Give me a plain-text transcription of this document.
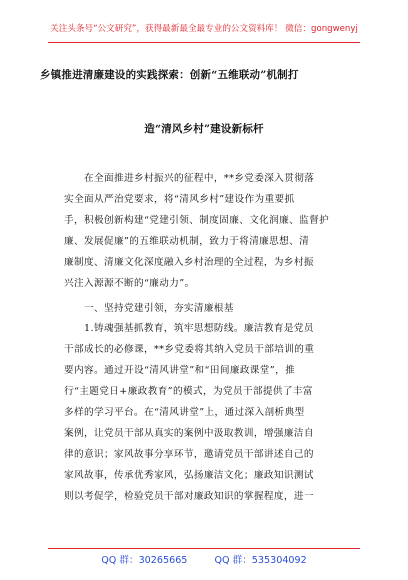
关注头条号“公文研究”，获得最新最全最专业的公文资料库！ 微信：gongwenyj
乡镇推进清廉建设的实践探索：创新“五维联动”机制打
造“清风乡村”建设新标杆
在全面推进乡村振兴的征程中，**乡党委深入贯彻落
实全面从严治党要求，将“清风乡村”建设作为重要抓
手，积极创新构建“党建引领、制度固廉、文化润廉、监督护
廉、发展促廉”的五维联动机制，致力于将清廉思想、清
廉制度、清廉文化深度融入乡村治理的全过程，为乡村振
兴注入源源不断的“廉动力”。
一、坚持党建引领，夯实清廉根基
1.铸魂强基抓教育，筑牢思想防线。廉洁教育是党员
干部成长的必修课，**乡党委将其纳入党员干部培训的重
要内容。通过开设“清风讲堂”和“田间廉政课堂”，推
行“主题党日+廉政教育”的模式，为党员干部提供了丰富
多样的学习平台。在“清风讲堂”上，通过深入剖析典型
案例，让党员干部从真实的案例中汲取教训，增强廉洁自
律的意识；家风故事分享环节，邀请党员干部讲述自己的
家风故事，传承优秀家风，弘扬廉洁文化；廉政知识测试
则以考促学，检验党员干部对廉政知识的掌握程度，进一
QQ 群：30265665	QQ 群：535304092
